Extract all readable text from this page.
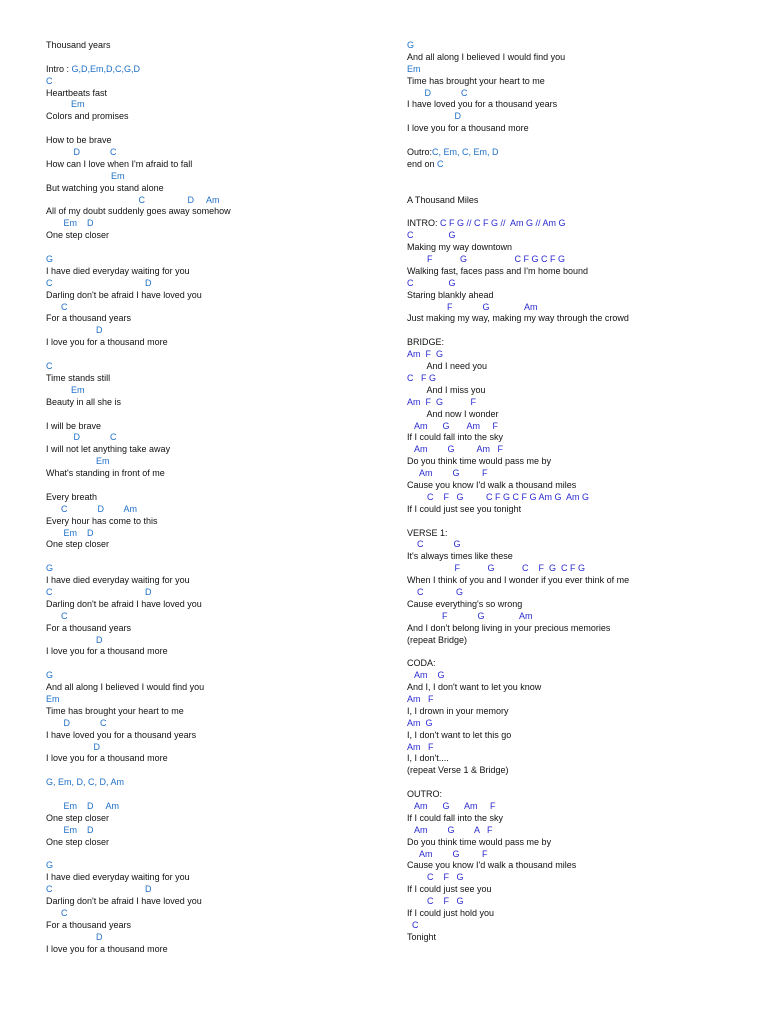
Thousand years
Intro : G,D,Em,D,C,G,D
C
Heartbeats fast
Em
Colors and promises
How to be brave
D            C
How can I love when I'm afraid to fall
Em
But watching you stand alone
C                 D     Am
All of my doubt suddenly goes away somehow
Em    D
One step closer
G
I have died everyday waiting for you
C                                     D
Darling don't be afraid I have loved you
C
For a thousand years
D
I love you for a thousand more
C
Time stands still
Em
Beauty in all she is
I will be brave
D            C
I will not let anything take away
Em
What's standing in front of me
Every breath
C            D        Am
Every hour has come to this
Em    D
One step closer
G
I have died everyday waiting for you
C                                     D
Darling don't be afraid I have loved you
C
For a thousand years
D
I love you for a thousand more
G
And all along I believed I would find you
Em
Time has brought your heart to me
D            C
I have loved you for a thousand years
D
I love you for a thousand more
G, Em, D, C, D, Am
Em    D     Am
One step closer
Em    D
One step closer
G
I have died everyday waiting for you
C                                     D
Darling don't be afraid I have loved you
C
For a thousand years
D
I love you for a thousand more
G
And all along I believed I would find you
Em
Time has brought your heart to me
D            C
I have loved you for a thousand years
D
I love you for a thousand more
Outro:C, Em, C, Em, D
end on C
A Thousand Miles
INTRO: C F G // C F G //  Am G // Am G
C              G
Making my way downtown
F           G                   C F G C F G
Walking fast, faces pass and I'm home bound
C              G
Staring blankly ahead
F            G              Am
Just making my way, making my way through the crowd
BRIDGE:
Am  F  G
And I need you
C   F G
And I miss you
Am  F  G           F
And now I wonder
Am      G       Am     F
If I could fall into the sky
Am        G         Am   F
Do you think time would pass me by
Am        G         F
Cause you know I'd walk a thousand miles
C    F   G         C F G C F G Am G  Am G
If I could just see you tonight
VERSE 1:
C            G
It's always times like these
F           G           C    F  G  C F G
When I think of you and I wonder if you ever think of me
C             G
Cause everything's so wrong
F            G              Am
And I don't belong living in your precious memories
(repeat Bridge)
CODA:
Am    G
And I, I don't want to let you know
Am   F
I, I drown in your memory
Am  G
I, I don't want to let this go
Am   F
I, I don't....
(repeat Verse 1 & Bridge)
OUTRO:
Am      G      Am     F
If I could fall into the sky
Am        G        A   F
Do you think time would pass me by
Am        G         F
Cause you know I'd walk a thousand miles
C    F   G
If I could just see you
C    F   G
If I could just hold you
C
Tonight
